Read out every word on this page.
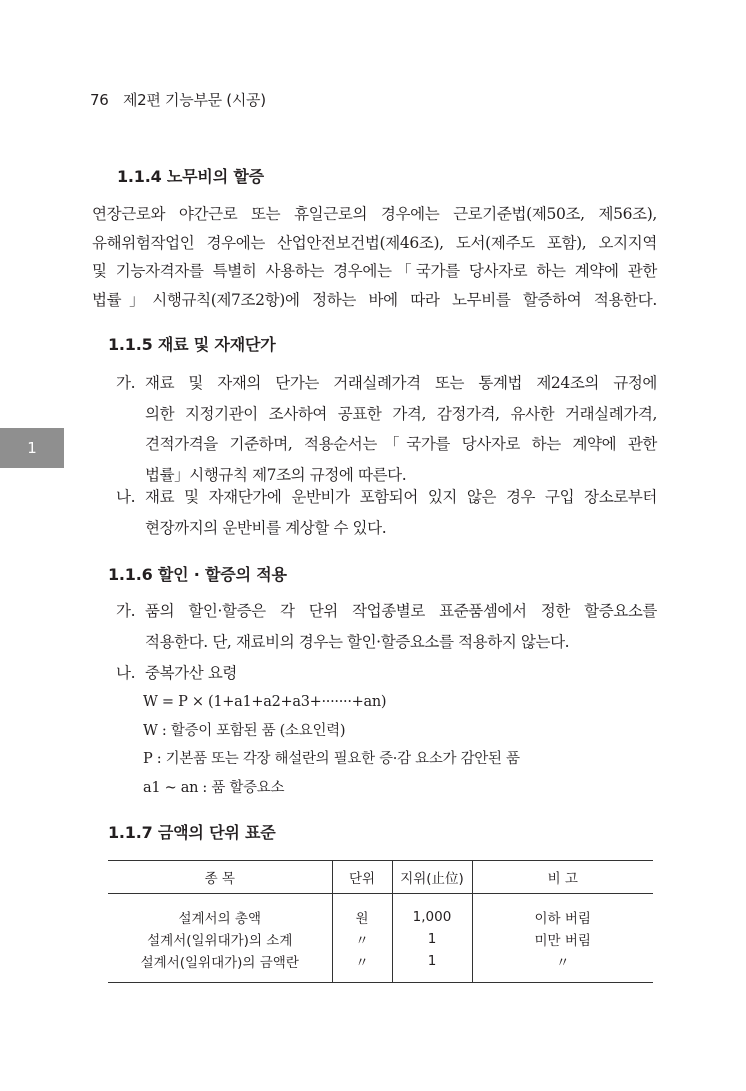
76 제2편 기능부문 (시공)
1
1.1.4 노무비의 할증
연장근로와 야간근로 또는 휴일근로의 경우에는 근로기준법(제50조, 제56조),
유해위험작업인 경우에는 산업안전보건법(제46조), 도서(제주도 포함), 오지지역
및 기능자격자를 특별히 사용하는 경우에는「국가를 당사자로 하는 계약에 관한
법률」시행규칙(제7조2항)에 정하는 바에 따라 노무비를 할증하여 적용한다.
1.1.5 재료 및 자재단가
가. 재료 및 자재의 단가는 거래실례가격 또는 통계법 제24조의 규정에
의한 지정기관이 조사하여 공표한 가격, 감정가격, 유사한 거래실례가격,
견적가격을 기준하며, 적용순서는「국가를 당사자로 하는 계약에 관한
법률」시행규칙 제7조의 규정에 따른다.
나. 재료 및 자재단가에 운반비가 포함되어 있지 않은 경우 구입 장소로부터
현장까지의 운반비를 계상할 수 있다.
1.1.6 할인 · 할증의 적용
가. 품의 할인·할증은 각 단위 작업종별로 표준품셈에서 정한 할증요소를
적용한다. 단, 재료비의 경우는 할인·할증요소를 적용하지 않는다.
나. 중복가산 요령
W = P × (1+a1+a2+a3+·······+an)
W : 할증이 포함된 품 (소요인력)
P : 기본품 또는 각장 해설란의 필요한 증·감 요소가 감안된 품
a1 ~ an : 품 할증요소
1.1.7 금액의 단위 표준
종 목	단위	지위(止位)	비 고
설계서의 총액	원	1,000	이하 버림
설계서(일위대가)의 소계	〃	1	미만 버림
설계서(일위대가)의 금액란	〃	1	〃
